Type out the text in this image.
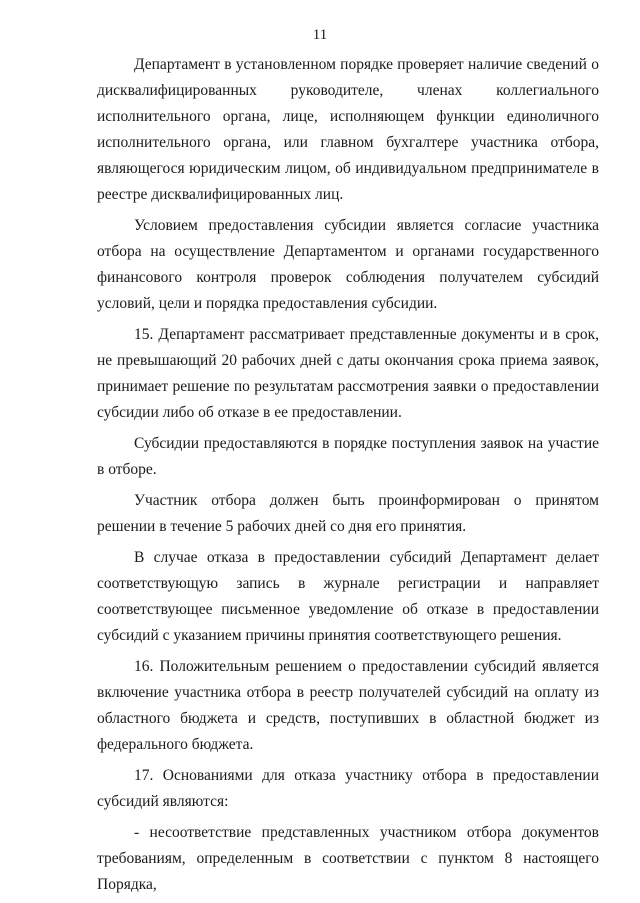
11

Департамент в установленном порядке проверяет наличие сведений о дисквалифицированных руководителе, членах коллегиального исполнительного органа, лице, исполняющем функции единоличного исполнительного органа, или главном бухгалтере участника отбора, являющегося юридическим лицом, об индивидуальном предпринимателе в реестре дисквалифицированных лиц.

Условием предоставления субсидии является согласие участника отбора на осуществление Департаментом и органами государственного финансового контроля проверок соблюдения получателем субсидий условий, цели и порядка предоставления субсидии.

15. Департамент рассматривает представленные документы и в срок, не превышающий 20 рабочих дней с даты окончания срока приема заявок, принимает решение по результатам рассмотрения заявки о предоставлении субсидии либо об отказе в ее предоставлении.

Субсидии предоставляются в порядке поступления заявок на участие в отборе.

Участник отбора должен быть проинформирован о принятом решении в течение 5 рабочих дней со дня его принятия.

В случае отказа в предоставлении субсидий Департамент делает соответствующую запись в журнале регистрации и направляет соответствующее письменное уведомление об отказе в предоставлении субсидий с указанием причины принятия соответствующего решения.

16. Положительным решением о предоставлении субсидий является включение участника отбора в реестр получателей субсидий на оплату из областного бюджета и средств, поступивших в областной бюджет из федерального бюджета.

17. Основаниями для отказа участнику отбора в предоставлении субсидий являются:

- несоответствие представленных участником отбора документов требованиям, определенным в соответствии с пунктом 8 настоящего Порядка,
